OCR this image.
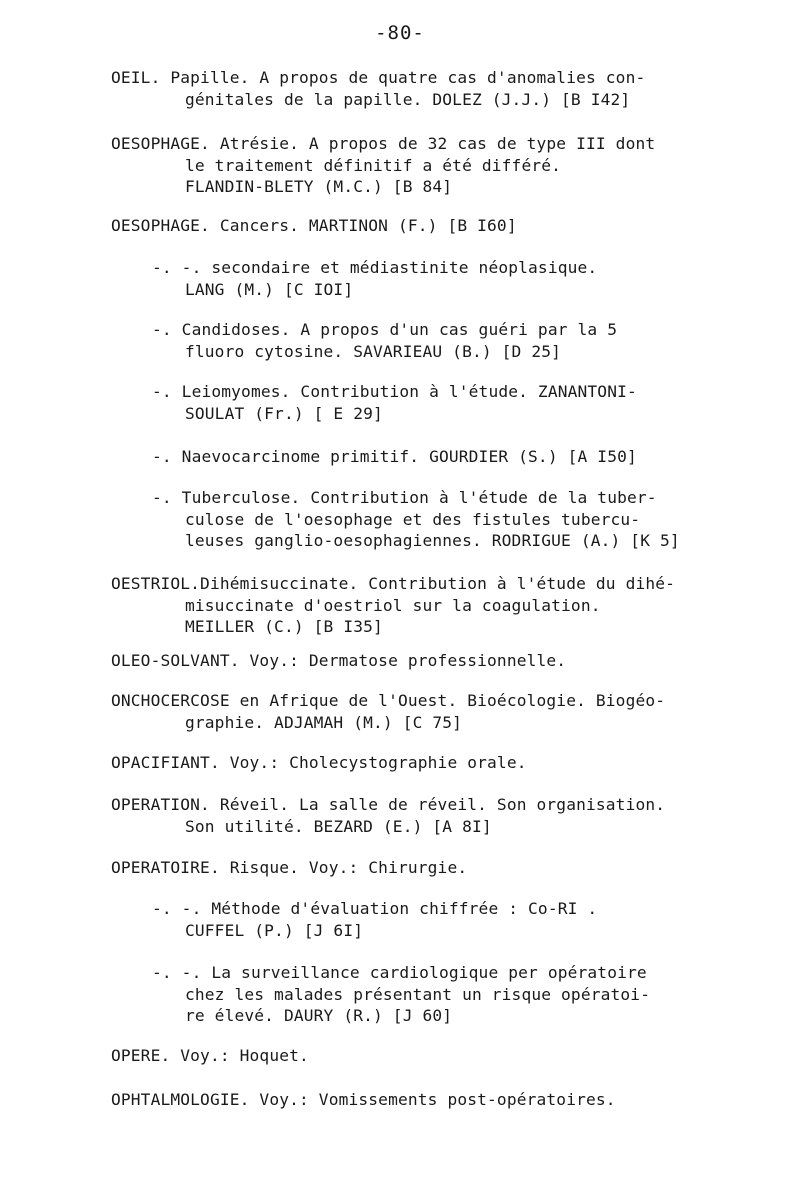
-80-
OEIL. Papille. A propos de quatre cas d'anomalies con-
génitales de la papille. DOLEZ (J.J.) [B I42]
OESOPHAGE. Atrésie. A propos de 32 cas de type III dont
le traitement définitif a été différé.
FLANDIN-BLETY (M.C.) [B 84]
OESOPHAGE. Cancers. MARTINON (F.) [B I60]
-. -. secondaire et médiastinite néoplasique.
LANG (M.) [C IOI]
-. Candidoses. A propos d'un cas guéri par la 5
fluoro cytosine. SAVARIEAU (B.) [D 25]
-. Leiomyomes. Contribution à l'étude. ZANANTONI-
SOULAT (Fr.) [ E 29]
-. Naevocarcinome primitif. GOURDIER (S.) [A I50]
-. Tuberculose. Contribution à l'étude de la tuber-
culose de l'oesophage et des fistules tubercu-
leuses ganglio-oesophagiennes. RODRIGUE (A.) [K 5]
OESTRIOL.Dihémisuccinate. Contribution à l'étude du dihé-
misuccinate d'oestriol sur la coagulation.
MEILLER (C.) [B I35]
OLEO-SOLVANT. Voy.: Dermatose professionnelle.
ONCHOCERCOSE en Afrique de l'Ouest. Bioécologie. Biogéo-
graphie. ADJAMAH (M.) [C 75]
OPACIFIANT. Voy.: Cholecystographie orale.
OPERATION. Réveil. La salle de réveil. Son organisation.
Son utilité. BEZARD (E.) [A 8I]
OPERATOIRE. Risque. Voy.: Chirurgie.
-. -. Méthode d'évaluation chiffrée : Co-RI .
CUFFEL (P.) [J 6I]
-. -. La surveillance cardiologique per opératoire
chez les malades présentant un risque opératoi-
re élevé. DAURY (R.) [J 60]
OPERE. Voy.: Hoquet.
OPHTALMOLOGIE. Voy.: Vomissements post-opératoires.
